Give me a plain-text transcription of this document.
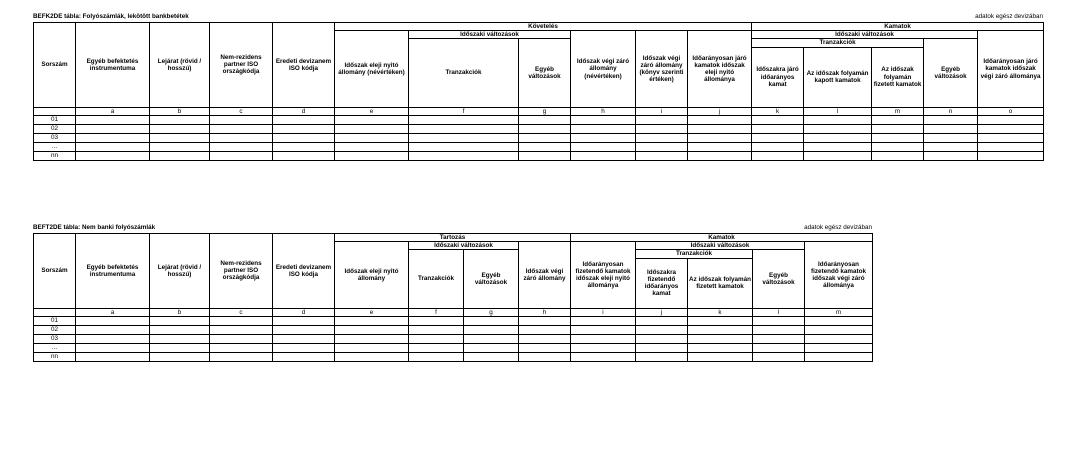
BEFK2DE tábla: Folyószámlák, lekötött bankbetétek	adatok egész devizában
Sorszám	Egyéb befektetés instrumentuma	Lejárat (rövid / hosszú)	Nem-rezidens partner ISO országkódja	Eredeti devizanem ISO kódja	Követelés						Kamatok				
					Időszak eleji nyitó állomány (névértéken)	Időszaki változások		Időszak végi záró állomány (névértéken)	Időszak végi záró állomány (könyv szerinti értéken)	Időarányosan járó kamatok időszak eleji nyitó állománya	Időszaki változások				Időarányosan járó kamatok időszak végi záró állománya
						Tranzakciók	Egyéb változások				Tranzakciók			Egyéb változások	
											Időszakra járó időarányos kamat	Az időszak folyamán kapott kamatok	Az időszak folyamán fizetett kamatok		

	a	b	c	d	e	f	g	h	i	j	k	l	m	n	o
01															
02															
03															
...															
nn															
BEFT2DE tábla: Nem banki folyószámlák	adatok egész devizában
Sorszám	Egyéb befektetés instrumentuma	Lejárat (rövid / hosszú)	Nem-rezidens partner ISO országkódja	Eredeti devizanem ISO kódja	Tartozás				Kamatok				
					Időszak eleji nyitó állomány	Időszaki változások		Időszak végi záró állomány	Időarányosan fizetendő kamatok időszak eleji nyitó állománya	Időszaki változások			Időarányosan fizetendő kamatok időszak végi záró állománya
						Tranzakciók	Egyéb változások			Tranzakciók		Egyéb változások	
										Időszakra fizetendő időarányos kamat	Az időszak folyamán fizetett kamatok		

	a	b	c	d	e	f	g	h	i	j	k	l	m
01													
02													
03													
...													
nn													
